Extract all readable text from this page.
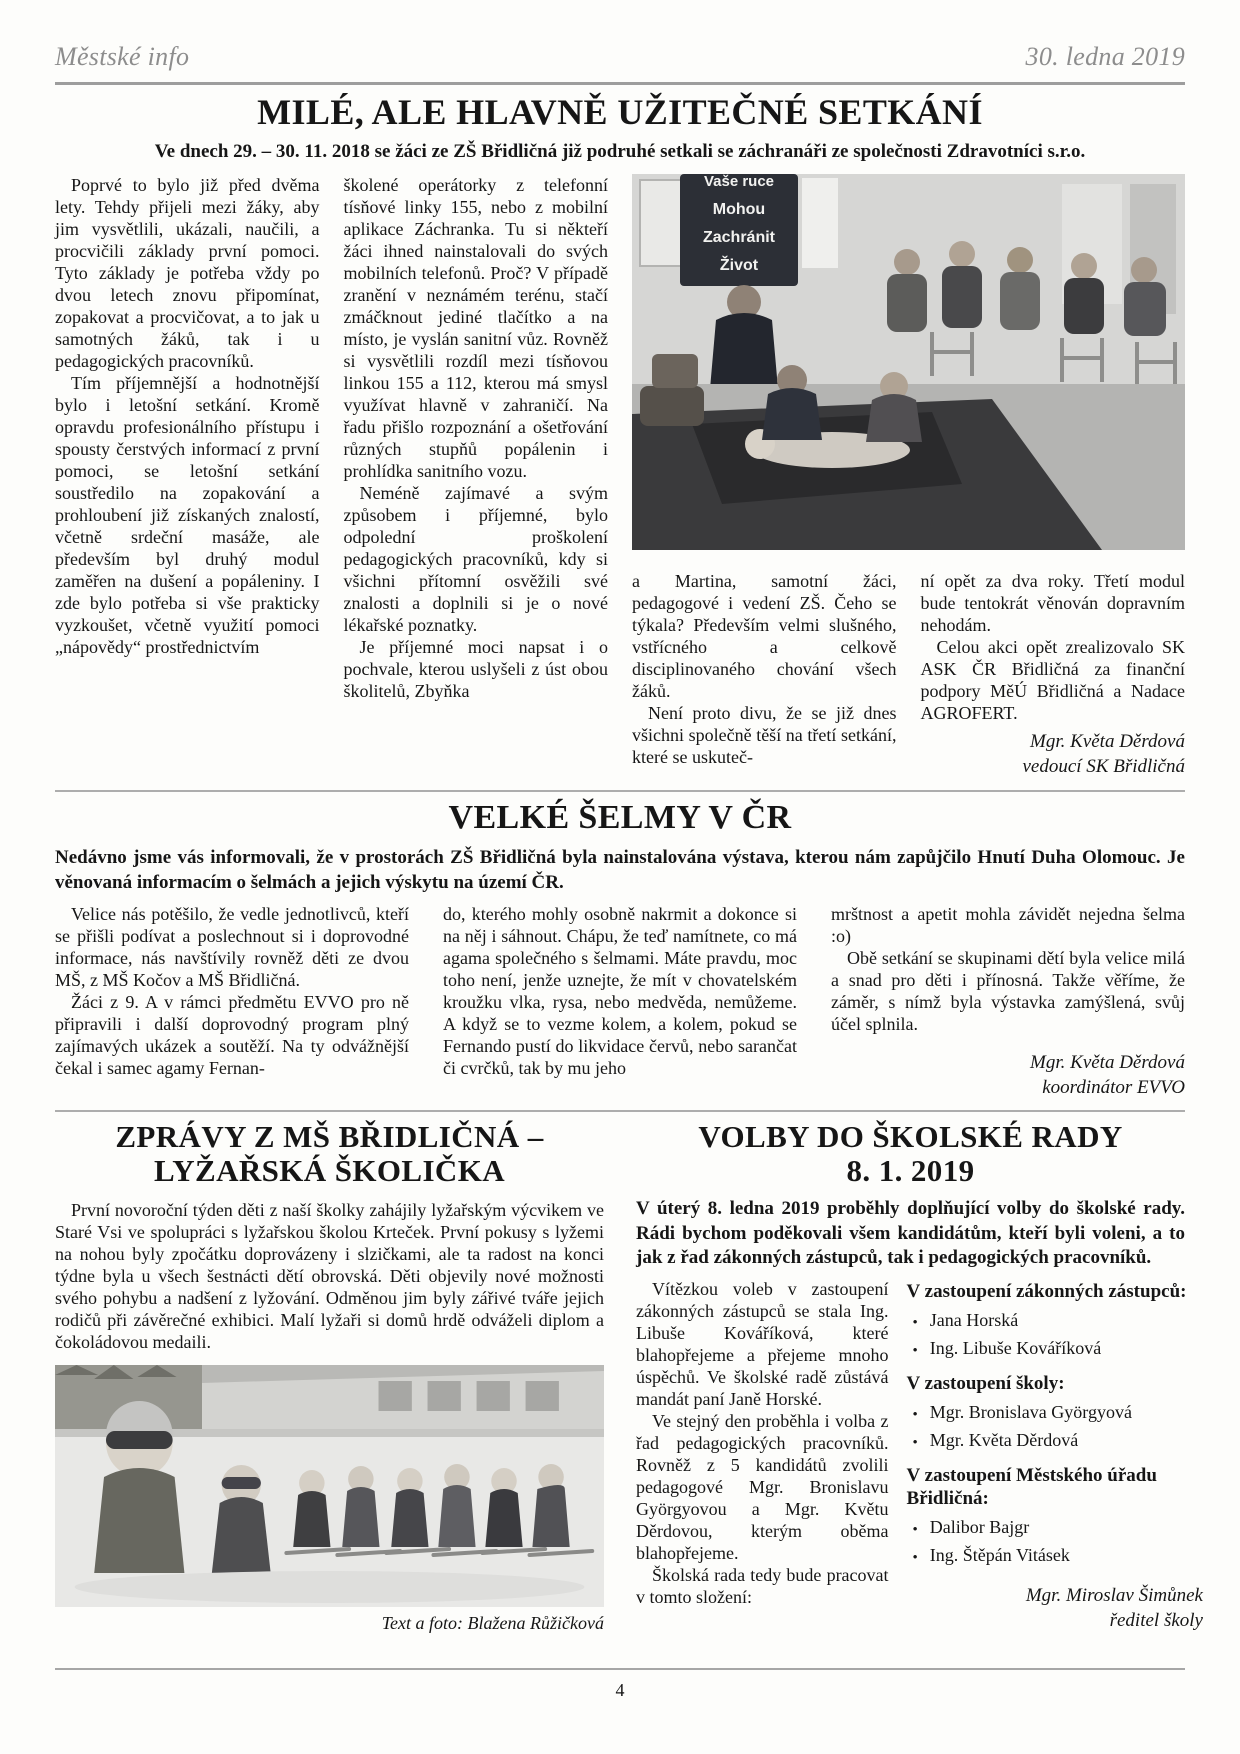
Městské info	30. ledna 2019
MILÉ, ALE HLAVNĚ UŽITEČNÉ SETKÁNÍ

Ve dnech 29. – 30. 11. 2018 se žáci ze ZŠ Břidličná již podruhé setkali se záchranáři ze společnosti Zdravotníci s.r.o.

Poprvé to bylo již před dvěma lety. Tehdy přijeli mezi žáky, aby jim vysvětlili, ukázali, naučili, a procvičili základy první pomoci. Tyto základy je potřeba vždy po dvou letech znovu připomínat, zopakovat a procvičovat, a to jak u samotných žáků, tak i u pedagogických pracovníků.

Tím příjemnější a hodnotnější bylo i letošní setkání. Kromě opravdu profesionálního přístupu i spousty čerstvých informací z první pomoci, se letošní setkání soustředilo na zopakování a prohloubení již získaných znalostí, včetně srdeční masáže, ale především byl druhý modul zaměřen na dušení a popáleniny. I zde bylo potřeba si vše prakticky vyzkoušet, včetně využití pomoci „nápovědy“ prostřednictvím

školené operátorky z telefonní tísňové linky 155, nebo z mobilní aplikace Záchranka. Tu si někteří žáci ihned nainstalovali do svých mobilních telefonů. Proč? V případě zranění v neznámém terénu, stačí zmáčknout jediné tlačítko a na místo, je vyslán sanitní vůz. Rovněž si vysvětlili rozdíl mezi tísňovou linkou 155 a 112, kterou má smysl využívat hlavně v zahraničí. Na řadu přišlo rozpoznání a ošetřování různých stupňů popálenin i prohlídka sanitního vozu.

Neméně zajímavé a svým způsobem i příjemné, bylo odpolední proškolení pedagogických pracovníků, kdy si všichni přítomní osvěžili své znalosti a doplnili si je o nové lékařské poznatky.

Je příjemné moci napsat i o pochvale, kterou uslyšeli z úst obou školitelů, Zbyňka

Vaše ruce
Mohou
Zachránit
Život

a Martina, samotní žáci, pedagogové i vedení ZŠ. Čeho se týkala? Především velmi slušného, vstřícného a celkově disciplinovaného chování všech žáků.

Není proto divu, že se již dnes všichni společně těší na třetí setkání, které se uskuteč-

ní opět za dva roky. Třetí modul bude tentokrát věnován dopravním nehodám.

Celou akci opět zrealizovalo SK ASK ČR Břidličná za finanční podpory MěÚ Břidličná a Nadace AGROFERT.

Mgr. Květa Děrdová
vedoucí SK Břidličná
VELKÉ ŠELMY V ČR

Nedávno jsme vás informovali, že v prostorách ZŠ Břidličná byla nainstalována výstava, kterou nám zapůjčilo Hnutí Duha Olomouc. Je věnovaná informacím o šelmách a jejich výskytu na území ČR.

Velice nás potěšilo, že vedle jednotlivců, kteří se přišli podívat a poslechnout si i doprovodné informace, nás navštívily rovněž děti ze dvou MŠ, z MŠ Kočov a MŠ Břidličná.

Žáci z 9. A v rámci předmětu EVVO pro ně připravili i další doprovodný program plný zajímavých ukázek a soutěží. Na ty odvážnější čekal i samec agamy Fernan-

do, kterého mohly osobně nakrmit a dokonce si na něj i sáhnout. Chápu, že teď namítnete, co má agama společného s šelmami. Máte pravdu, moc toho není, jenže uznejte, že mít v chovatelském kroužku vlka, rysa, nebo medvěda, nemůžeme. A když se to vezme kolem, a kolem, pokud se Fernando pustí do likvidace červů, nebo sarančat či cvrčků, tak by mu jeho

mrštnost a apetit mohla závidět nejedna šelma :o)

Obě setkání se skupinami dětí byla velice milá a snad pro děti i přínosná. Takže věříme, že záměr, s nímž byla výstavka zamýšlená, svůj účel splnila.

Mgr. Květa Děrdová
koordinátor EVVO
ZPRÁVY Z MŠ BŘIDLIČNÁ –
LYŽAŘSKÁ ŠKOLIČKA

První novoroční týden děti z naší školky zahájily lyžařským výcvikem ve Staré Vsi ve spolupráci s lyžařskou školou Krteček. První pokusy s lyžemi na nohou byly zpočátku doprovázeny i slzičkami, ale ta radost na konci týdne byla u všech šestnácti dětí obrovská. Děti objevily nové možnosti svého pohybu a nadšení z lyžování. Odměnou jim byly zářivé tváře jejich rodičů při závěrečné exhibici. Malí lyžaři si domů hrdě odváželi diplom a čokoládovou medaili.

Text a foto: Blažena Růžičková
VOLBY DO ŠKOLSKÉ RADY
8. 1. 2019

V úterý 8. ledna 2019 proběhly doplňující volby do školské rady. Rádi bychom poděkovali všem kandidátům, kteří byli voleni, a to jak z řad zákonných zástupců, tak i pedagogických pracovníků.

Vítězkou voleb v zastoupení zákonných zástupců se stala Ing. Libuše Kováříková, které blahopřejeme a přejeme mnoho úspěchů. Ve školské radě zůstává mandát paní Janě Horské.

Ve stejný den proběhla i volba z řad pedagogických pracovníků. Rovněž z 5 kandidátů zvolili pedagogové Mgr. Bronislavu Györgyovou a Mgr. Květu Děrdovou, kterým oběma blahopřejeme.

Školská rada tedy bude pracovat v tomto složení:

V zastoupení zákonných zástupců:
•
Jana Horská
•
Ing. Libuše Kováříková
V zastoupení školy:
•
Mgr. Bronislava Györgyová
•
Mgr. Květa Děrdová
V zastoupení Městského úřadu Břidličná:
•
Dalibor Bajgr
•
Ing. Štěpán Vitásek
Mgr. Miroslav Šimůnek
ředitel školy
4
